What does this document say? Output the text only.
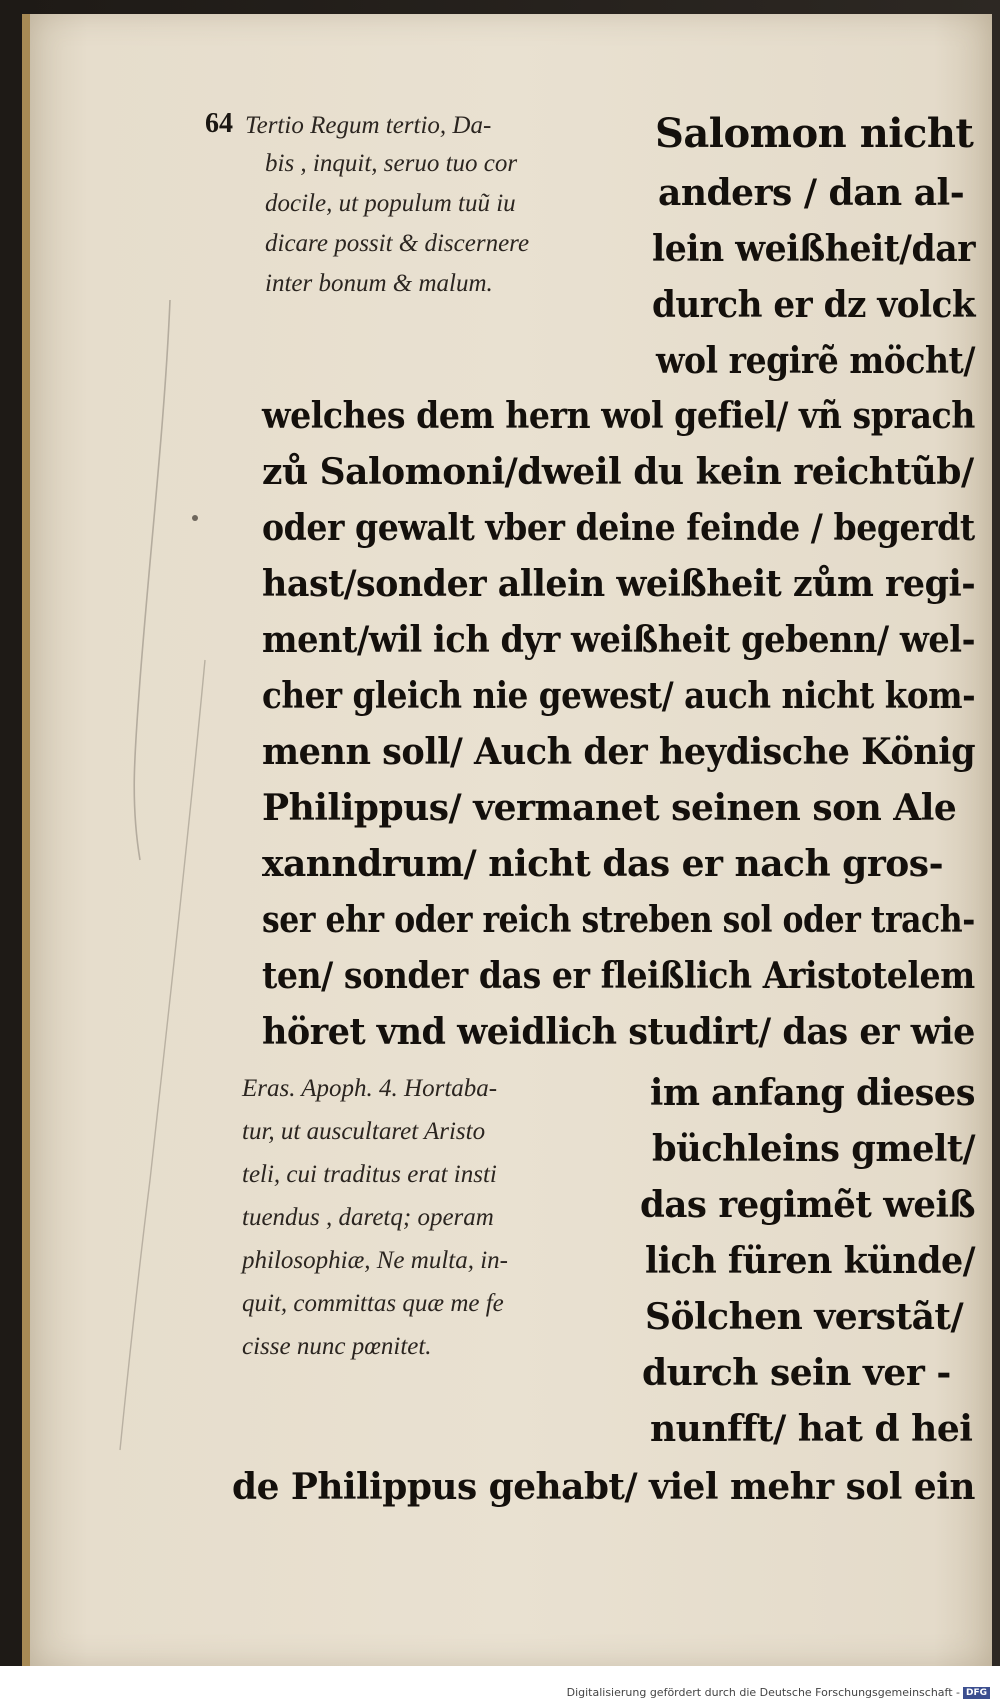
64 Tertio Regum tertio, Da-
bis , inquit, seruo tuo cor
docile, ut populum tuũ iu
dicare possit & discernere
inter bonum & malum.
Salomon nicht
anders / dan al-
lein weißheit/dar
durch er dz volck
wol regirẽ möcht/
welches dem hern wol gefiel/ vñ sprach
zů Salomoni/dweil du kein reichtũb/
oder gewalt vber deine feinde / begerdt
hast/sonder allein weißheit zům regi-
ment/wil ich dyr weißheit gebenn/ wel-
cher gleich nie gewest/ auch nicht kom-
menn soll/ Auch der heydische König
Philippus/ vermanet seinen son Ale
xanndrum/ nicht das er nach gros-
ser ehr oder reich streben sol oder trach-
ten/ sonder das er fleißlich Aristotelem
höret vnd weidlich studirt/ das er wie
Eras. Apoph. 4. Hortaba-
tur, ut auscultaret Aristo
teli, cui traditus erat insti
tuendus , daretq; operam
philosophiæ, Ne multa, in-
quit, committas quæ me fe
cisse nunc pœnitet.
im anfang dieses
büchleins gmelt/
das regimẽt weiß
lich füren künde/
Sölchen verstãt/
durch sein ver -
nunfft/ hat d hei
de Philippus gehabt/ viel mehr sol ein
Digitalisierung gefördert durch die Deutsche Forschungsgemeinschaft - DFG
